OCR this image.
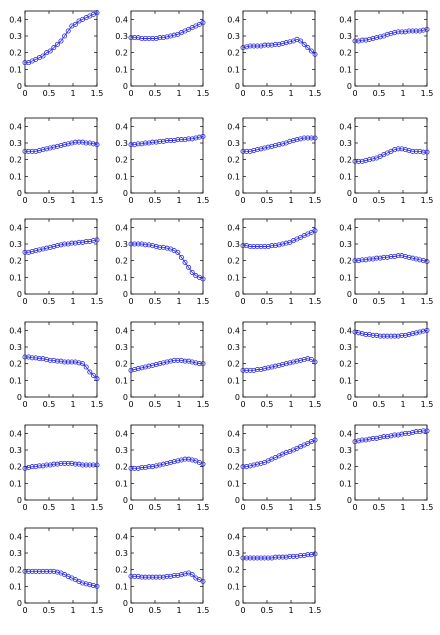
0
0.1
0.2
0.3
0.4
0 0.5 1 1.5
0
0.1
0.2
0.3
0.4
0 0.5 1 1.5
0
0.1
0.2
0.3
0.4
0 0.5 1 1.5
0
0.1
0.2
0.3
0.4
0 0.5 1 1.5
0
0.1
0.2
0.3
0.4
0 0.5 1 1.5
0
0.1
0.2
0.3
0.4
0 0.5 1 1.5
0
0.1
0.2
0.3
0.4
0 0.5 1 1.5
0
0.1
0.2
0.3
0.4
0 0.5 1 1.5
0
0.1
0.2
0.3
0.4
0 0.5 1 1.5
0
0.1
0.2
0.3
0.4
0 0.5 1 1.5
0
0.1
0.2
0.3
0.4
0 0.5 1 1.5
0
0.1
0.2
0.3
0.4
0 0.5 1 1.5
0
0.1
0.2
0.3
0.4
0 0.5 1 1.5
0
0.1
0.2
0.3
0.4
0 0.5 1 1.5
0
0.1
0.2
0.3
0.4
0 0.5 1 1.5
0
0.1
0.2
0.3
0.4
0 0.5 1 1.5
0
0.1
0.2
0.3
0.4
0 0.5 1 1.5
0
0.1
0.2
0.3
0.4
0 0.5 1 1.5
0
0.1
0.2
0.3
0.4
0 0.5 1 1.5
0
0.1
0.2
0.3
0.4
0 0.5 1 1.5
0
0.1
0.2
0.3
0.4
0 0.5 1 1.5
0
0.1
0.2
0.3
0.4
0 0.5 1 1.5
0
0.1
0.2
0.3
0.4
0 0.5 1 1.5
